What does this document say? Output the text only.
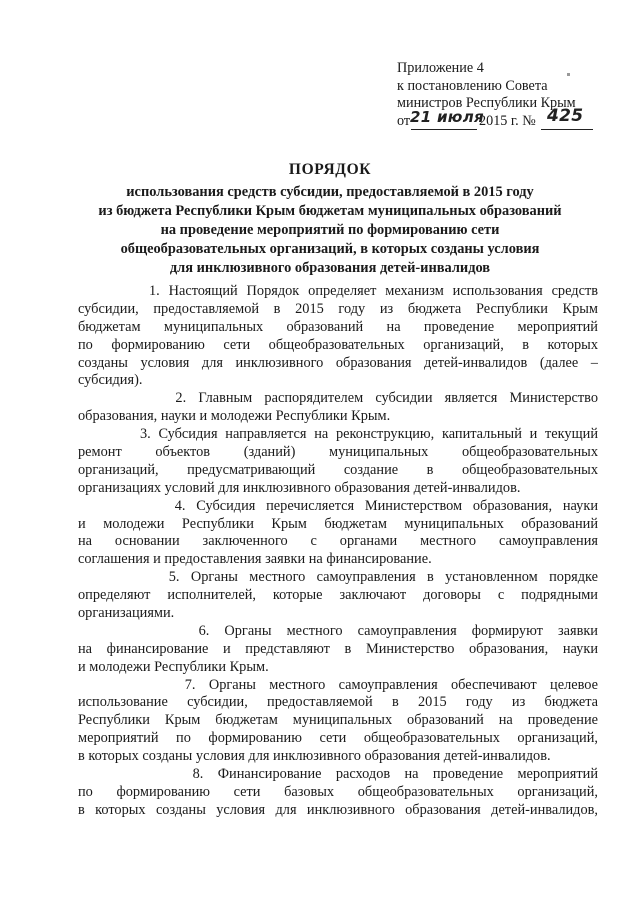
Приложение 4
к постановлению Совета
министров Республики Крым
от 21 июля
2015 г. № 425
ПОРЯДОК
использования средств субсидии, предоставляемой в 2015 году
из бюджета Республики Крым бюджетам муниципальных образований
на проведение мероприятий по формированию сети
общеобразовательных организаций, в которых созданы условия
для инклюзивного образования детей-инвалидов
1. Настоящий Порядок определяет механизм использования средств
субсидии, предоставляемой в 2015 году из бюджета Республики Крым
бюджетам муниципальных образований на проведение мероприятий
по формированию сети общеобразовательных организаций, в которых
созданы условия для инклюзивного образования детей-инвалидов (далее –
субсидия).
2. Главным распорядителем субсидии является Министерство
образования, науки и молодежи Республики Крым.
3. Субсидия направляется на реконструкцию, капитальный и текущий
ремонт объектов (зданий) муниципальных общеобразовательных
организаций, предусматривающий создание в общеобразовательных
организациях условий для инклюзивного образования детей-инвалидов.
4. Субсидия перечисляется Министерством образования, науки
и молодежи Республики Крым бюджетам муниципальных образований
на основании заключенного с органами местного самоуправления
соглашения и предоставления заявки на финансирование.
5. Органы местного самоуправления в установленном порядке
определяют исполнителей, которые заключают договоры с подрядными
организациями.
6. Органы местного самоуправления формируют заявки
на финансирование и представляют в Министерство образования, науки
и молодежи Республики Крым.
7. Органы местного самоуправления обеспечивают целевое
использование субсидии, предоставляемой в 2015 году из бюджета
Республики Крым бюджетам муниципальных образований на проведение
мероприятий по формированию сети общеобразовательных организаций,
в которых созданы условия для инклюзивного образования детей-инвалидов.
8. Финансирование расходов на проведение мероприятий
по формированию сети базовых общеобразовательных организаций,
в которых созданы условия для инклюзивного образования детей-инвалидов,
